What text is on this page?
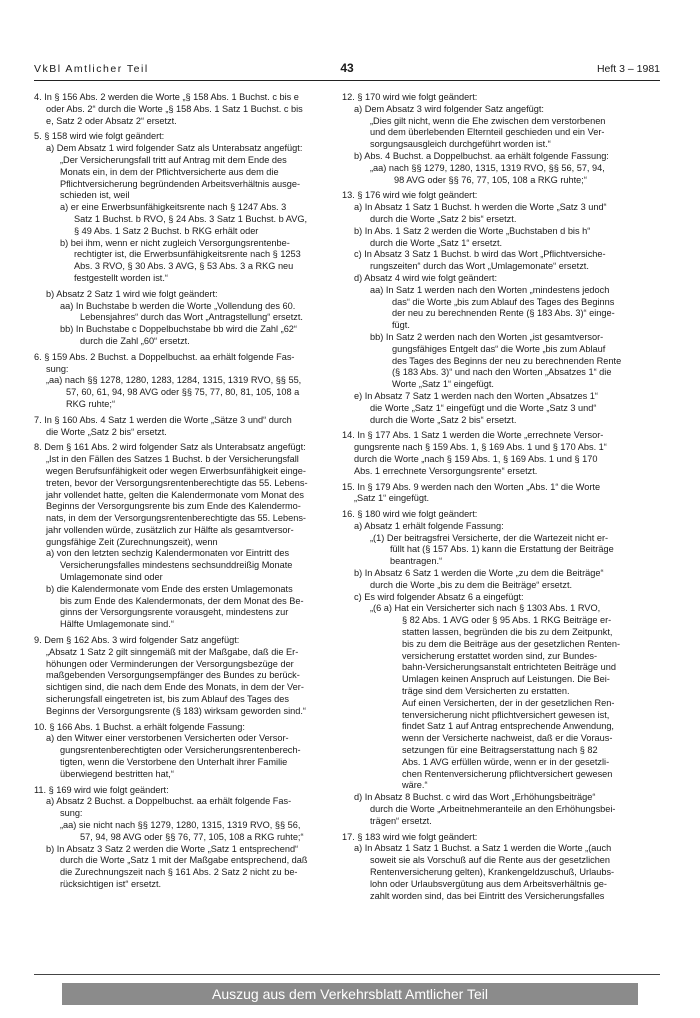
VkBl Amtlicher Teil	43	Heft 3 – 1981
4. In § 156 Abs. 2 werden die Worte „§ 158 Abs. 1 Buchst. c bis e
oder Abs. 2“ durch die Worte „§ 158 Abs. 1 Satz 1 Buchst. c bis
e, Satz 2 oder Absatz 2“ ersetzt.
5. § 158 wird wie folgt geändert:
a) Dem Absatz 1 wird folgender Satz als Unterabsatz angefügt:
„Der Versicherungsfall tritt auf Antrag mit dem Ende des
Monats ein, in dem der Pflichtversicherte aus dem die
Pflichtversicherung begründenden Arbeitsverhältnis ausge-
schieden ist, weil
a) er eine Erwerbsunfähigkeitsrente nach § 1247 Abs. 3
Satz 1 Buchst. b RVO, § 24 Abs. 3 Satz 1 Buchst. b AVG,
§ 49 Abs. 1 Satz 2 Buchst. b RKG erhält oder
b) bei ihm, wenn er nicht zugleich Versorgungsrentenbe-
rechtigter ist, die Erwerbsunfähigkeitsrente nach § 1253
Abs. 3 RVO, § 30 Abs. 3 AVG, § 53 Abs. 3 a RKG neu
festgestellt worden ist.“
b) Absatz 2 Satz 1 wird wie folgt geändert:
aa) In Buchstabe b werden die Worte „Vollendung des 60.
Lebensjahres“ durch das Wort „Antragstellung“ ersetzt.
bb) In Buchstabe c Doppelbuchstabe bb wird die Zahl „62“
durch die Zahl „60“ ersetzt.
6. § 159 Abs. 2 Buchst. a Doppelbuchst. aa erhält folgende Fas-
sung:
„aa) nach §§ 1278, 1280, 1283, 1284, 1315, 1319 RVO, §§ 55,
57, 60, 61, 94, 98 AVG oder §§ 75, 77, 80, 81, 105, 108 a
RKG ruhte;“
7. In § 160 Abs. 4 Satz 1 werden die Worte „Sätze 3 und“ durch
die Worte „Satz 2 bis“ ersetzt.
8. Dem § 161 Abs. 2 wird folgender Satz als Unterabsatz angefügt:
„Ist in den Fällen des Satzes 1 Buchst. b der Versicherungsfall
wegen Berufsunfähigkeit oder wegen Erwerbsunfähigkeit einge-
treten, bevor der Versorgungsrentenberechtigte das 55. Lebens-
jahr vollendet hatte, gelten die Kalendermonate vom Monat des
Beginns der Versorgungsrente bis zum Ende des Kalendermo-
nats, in dem der Versorgungsrentenberechtigte das 55. Lebens-
jahr vollenden würde, zusätzlich zur Hälfte als gesamtversor-
gungsfähige Zeit (Zurechnungszeit), wenn
a) von den letzten sechzig Kalendermonaten vor Eintritt des
Versicherungsfalles mindestens sechsunddreißig Monate
Umlagemonate sind oder
b) die Kalendermonate vom Ende des ersten Umlagemonats
bis zum Ende des Kalendermonats, der dem Monat des Be-
ginns der Versorgungsrente vorausgeht, mindestens zur
Hälfte Umlagemonate sind.“
9. Dem § 162 Abs. 3 wird folgender Satz angefügt:
„Absatz 1 Satz 2 gilt sinngemäß mit der Maßgabe, daß die Er-
höhungen oder Verminderungen der Versorgungsbezüge der
maßgebenden Versorgungsempfänger des Bundes zu berück-
sichtigen sind, die nach dem Ende des Monats, in dem der Ver-
sicherungsfall eingetreten ist, bis zum Ablauf des Tages des
Beginns der Versorgungsrente (§ 183) wirksam geworden sind.“
10. § 166 Abs. 1 Buchst. a erhält folgende Fassung:
a) den Witwer einer verstorbenen Versicherten oder Versor-
gungsrentenberechtigten oder Versicherungsrentenberech-
tigten, wenn die Verstorbene den Unterhalt ihrer Familie
überwiegend bestritten hat,“
11. § 169 wird wie folgt geändert:
a) Absatz 2 Buchst. a Doppelbuchst. aa erhält folgende Fas-
sung:
„aa) sie nicht nach §§ 1279, 1280, 1315, 1319 RVO, §§ 56,
57, 94, 98 AVG oder §§ 76, 77, 105, 108 a RKG ruhte;“
b) In Absatz 3 Satz 2 werden die Worte „Satz 1 entsprechend“
durch die Worte „Satz 1 mit der Maßgabe entsprechend, daß
die Zurechnungszeit nach § 161 Abs. 2 Satz 2 nicht zu be-
rücksichtigen ist“ ersetzt.
12. § 170 wird wie folgt geändert:
a) Dem Absatz 3 wird folgender Satz angefügt:
„Dies gilt nicht, wenn die Ehe zwischen dem verstorbenen
und dem überlebenden Elternteil geschieden und ein Ver-
sorgungsausgleich durchgeführt worden ist.“
b) Abs. 4 Buchst. a Doppelbuchst. aa erhält folgende Fassung:
„aa) nach §§ 1279, 1280, 1315, 1319 RVO, §§ 56, 57, 94,
98 AVG oder §§ 76, 77, 105, 108 a RKG ruhte;“
13. § 176 wird wie folgt geändert:
a) In Absatz 1 Satz 1 Buchst. h werden die Worte „Satz 3 und“
durch die Worte „Satz 2 bis“ ersetzt.
b) In Abs. 1 Satz 2 werden die Worte „Buchstaben d bis h“
durch die Worte „Satz 1“ ersetzt.
c) In Absatz 3 Satz 1 Buchst. b wird das Wort „Pflichtversiche-
rungszeiten“ durch das Wort „Umlagemonate“ ersetzt.
d) Absatz 4 wird wie folgt geändert:
aa) In Satz 1 werden nach den Worten „mindestens jedoch
das“ die Worte „bis zum Ablauf des Tages des Beginns
der neu zu berechnenden Rente (§ 183 Abs. 3)“ einge-
fügt.
bb) In Satz 2 werden nach den Worten „ist gesamtversor-
gungsfähiges Entgelt das“ die Worte „bis zum Ablauf
des Tages des Beginns der neu zu berechnenden Rente
(§ 183 Abs. 3)“ und nach den Worten „Absatzes 1“ die
Worte „Satz 1“ eingefügt.
e) In Absatz 7 Satz 1 werden nach den Worten „Absatzes 1“
die Worte „Satz 1“ eingefügt und die Worte „Satz 3 und“
durch die Worte „Satz 2 bis“ ersetzt.
14. In § 177 Abs. 1 Satz 1 werden die Worte „errechnete Versor-
gungsrente nach § 159 Abs. 1, § 169 Abs. 1 und § 170 Abs. 1“
durch die Worte „nach § 159 Abs. 1, § 169 Abs. 1 und § 170
Abs. 1 errechnete Versorgungsrente“ ersetzt.
15. In § 179 Abs. 9 werden nach den Worten „Abs. 1“ die Worte
„Satz 1“ eingefügt.
16. § 180 wird wie folgt geändert:
a) Absatz 1 erhält folgende Fassung:
„(1) Der beitragsfrei Versicherte, der die Wartezeit nicht er-
füllt hat (§ 157 Abs. 1) kann die Erstattung der Beiträge
beantragen.“
b) In Absatz 6 Satz 1 werden die Worte „zu dem die Beiträge“
durch die Worte „bis zu dem die Beiträge“ ersetzt.
c) Es wird folgender Absatz 6 a eingefügt:
„(6 a) Hat ein Versicherter sich nach § 1303 Abs. 1 RVO,
§ 82 Abs. 1 AVG oder § 95 Abs. 1 RKG Beiträge er-
statten lassen, begründen die bis zu dem Zeitpunkt,
bis zu dem die Beiträge aus der gesetzlichen Renten-
versicherung erstattet worden sind, zur Bundes-
bahn-Versicherungsanstalt entrichteten Beiträge und
Umlagen keinen Anspruch auf Leistungen. Die Bei-
träge sind dem Versicherten zu erstatten.
Auf einen Versicherten, der in der gesetzlichen Ren-
tenversicherung nicht pflichtversichert gewesen ist,
findet Satz 1 auf Antrag entsprechende Anwendung,
wenn der Versicherte nachweist, daß er die Voraus-
setzungen für eine Beitragserstattung nach § 82
Abs. 1 AVG erfüllen würde, wenn er in der gesetzli-
chen Rentenversicherung pflichtversichert gewesen
wäre.“
d) In Absatz 8 Buchst. c wird das Wort „Erhöhungsbeiträge“
durch die Worte „Arbeitnehmeranteile an den Erhöhungsbei-
trägen“ ersetzt.
17. § 183 wird wie folgt geändert:
a) In Absatz 1 Satz 1 Buchst. a Satz 1 werden die Worte „(auch
soweit sie als Vorschuß auf die Rente aus der gesetzlichen
Rentenversicherung gelten), Krankengeldzuschuß, Urlaubs-
lohn oder Urlaubsvergütung aus dem Arbeitsverhältnis ge-
zahlt worden sind, das bei Eintritt des Versicherungsfalles
Auszug aus dem Verkehrsblatt Amtlicher Teil
